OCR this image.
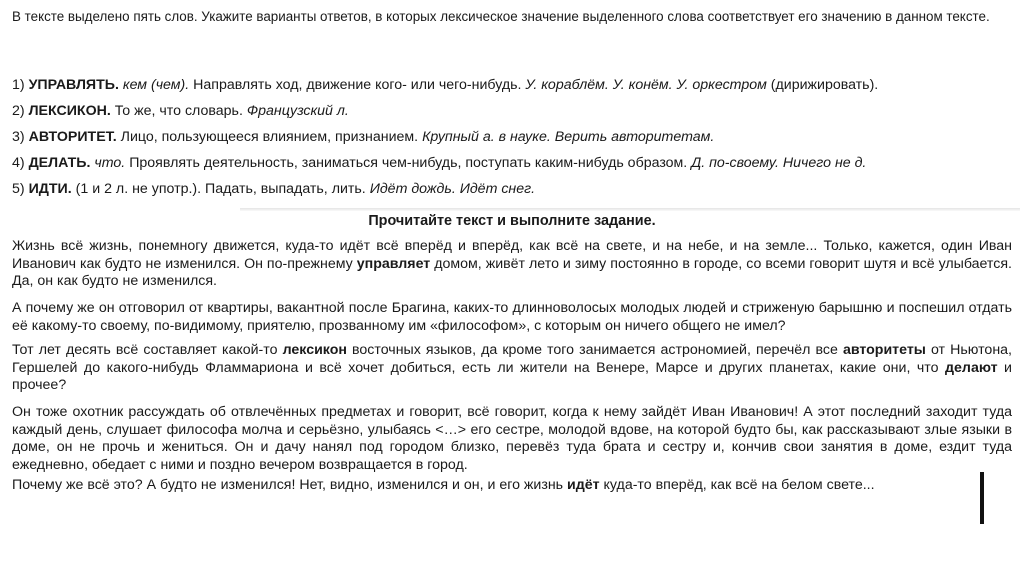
В тексте выделено пять слов. Укажите варианты ответов, в которых лексическое значение выделенного слова соответствует его значению в данном тексте.

1) УПРАВЛЯТЬ. кем (чем). Направлять ход, движение кого- или чего-нибудь. У. кораблём. У. конём. У. оркестром (дирижировать).
2) ЛЕКСИКОН. То же, что словарь. Французский л.
3) АВТОРИТЕТ. Лицо, пользующееся влиянием, признанием. Крупный а. в науке. Верить авторитетам.
4) ДЕЛАТЬ. что. Проявлять деятельность, заниматься чем-нибудь, поступать каким-нибудь образом. Д. по-своему. Ничего не д.
5) ИДТИ. (1 и 2 л. не употр.). Падать, выпадать, лить. Идёт дождь. Идёт снег.

Прочитайте текст и выполните задание.

Жизнь всё жизнь, понемногу движется, куда-то идёт всё вперёд и вперёд, как всё на свете, и на небе, и на земле... Только, кажется, один Иван Иванович как будто не изменился. Он по-прежнему управляет домом, живёт лето и зиму постоянно в городе, со всеми говорит шутя и всё улыбается. Да, он как будто не изменился.

А почему же он отговорил от квартиры, вакантной после Брагина, каких-то длинноволосых молодых людей и стриженую барышню и поспешил отдать её какому-то своему, по-видимому, приятелю, прозванному им «философом», с которым он ничего общего не имел?

Тот лет десять всё составляет какой-то лексикон восточных языков, да кроме того занимается астрономией, перечёл все авторитеты от Ньютона, Гершелей до какого-нибудь Фламмариона и всё хочет добиться, есть ли жители на Венере, Марсе и других планетах, какие они, что делают и прочее?

Он тоже охотник рассуждать об отвлечённых предметах и говорит, всё говорит, когда к нему зайдёт Иван Иванович! А этот последний заходит туда каждый день, слушает философа молча и серьёзно, улыбаясь <…> его сестре, молодой вдове, на которой будто бы, как рассказывают злые языки в доме, он не прочь и жениться. Он и дачу нанял под городом близко, перевёз туда брата и сестру и, кончив свои занятия в доме, ездит туда ежедневно, обедает с ними и поздно вечером возвращается в город.

Почему же всё это? А будто не изменился! Нет, видно, изменился и он, и его жизнь идёт куда-то вперёд, как всё на белом свете...
